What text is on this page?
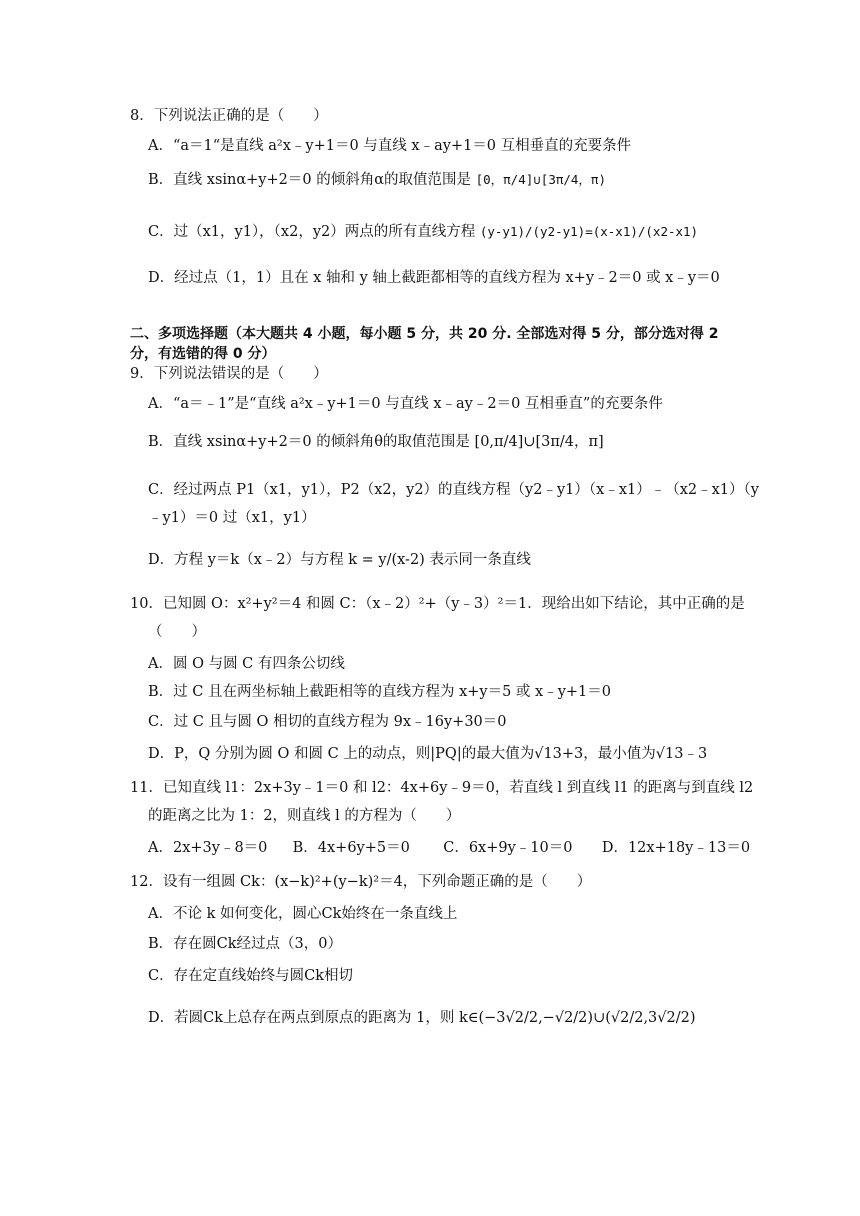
8．下列说法正确的是（　　）
A．“a＝1“是直线 a²x﹣y+1＝0 与直线 x﹣ay+1＝0 互相垂直的充要条件
B．直线 xsinα+y+2＝0 的倾斜角α的取值范围是 [0，π/4]∪[3π/4，π)
C．过（x1，y1），（x2，y2）两点的所有直线方程 (y-y1)/(y2-y1)=(x-x1)/(x2-x1)
D．经过点（1，1）且在 x 轴和 y 轴上截距都相等的直线方程为 x+y﹣2＝0 或 x﹣y＝0
二、多项选择题（本大题共 4 小题，每小题 5 分，共 20 分. 全部选对得 5 分，部分选对得 2
分，有选错的得 0 分）
9．下列说法错误的是（　　）
A．“a＝﹣1”是“直线 a²x﹣y+1＝0 与直线 x﹣ay﹣2＝0 互相垂直”的充要条件
B．直线 xsinα+y+2＝0 的倾斜角θ的取值范围是 [0,π/4]∪[3π/4，π]
C．经过两点 P1（x1，y1），P2（x2，y2）的直线方程（y2﹣y1）（x﹣x1）﹣（x2﹣x1）（y
﹣y1）＝0 过（x1，y1）
D．方程 y＝k（x﹣2）与方程 k = y/(x-2) 表示同一条直线
10．已知圆 O：x²+y²＝4 和圆 C：（x﹣2）²+（y﹣3）²＝1．现给出如下结论，其中正确的是
（　　）
A．圆 O 与圆 C 有四条公切线
B．过 C 且在两坐标轴上截距相等的直线方程为 x+y＝5 或 x﹣y+1＝0
C．过 C 且与圆 O 相切的直线方程为 9x﹣16y+30＝0
D．P，Q 分别为圆 O 和圆 C 上的动点，则|PQ|的最大值为√13+3，最小值为√13﹣3
11．已知直线 l1：2x+3y﹣1＝0 和 l2：4x+6y﹣9＝0，若直线 l 到直线 l1 的距离与到直线 l2
的距离之比为 1：2，则直线 l 的方程为（　　）
A．2x+3y﹣8＝0 B．4x+6y+5＝0 C．6x+9y﹣10＝0 D．12x+18y﹣13＝0
12．设有一组圆 Ck：(x−k)²+(y−k)²＝4，下列命题正确的是（　　）
A．不论 k 如何变化，圆心Ck始终在一条直线上
B．存在圆Ck经过点（3，0）
C．存在定直线始终与圆Ck相切
D．若圆Ck上总存在两点到原点的距离为 1，则 k∈(−3√2/2,−√2/2)∪(√2/2,3√2/2)
